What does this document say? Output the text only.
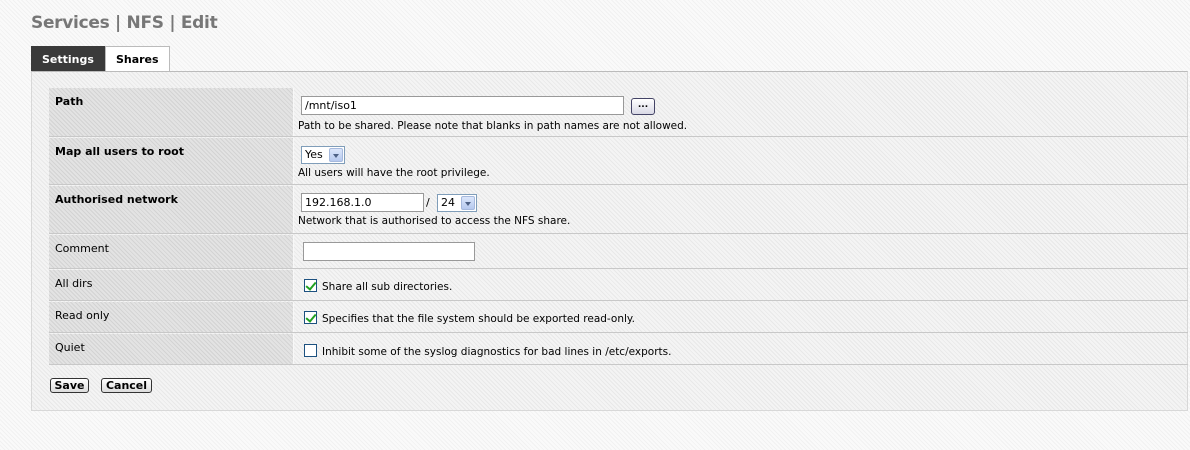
Services | NFS | Edit
Settings	Shares
Path	/mnt/iso1	...
Path to be shared. Please note that blanks in path names are not allowed.
Map all users to root	Yes
All users will have the root privilege.
Authorised network	192.168.1.0	/	24
Network that is authorised to access the NFS share.
Comment
All dirs	Share all sub directories.
Read only	Specifies that the file system should be exported read-only.
Quiet	Inhibit some of the syslog diagnostics for bad lines in /etc/exports.
Save	Cancel
